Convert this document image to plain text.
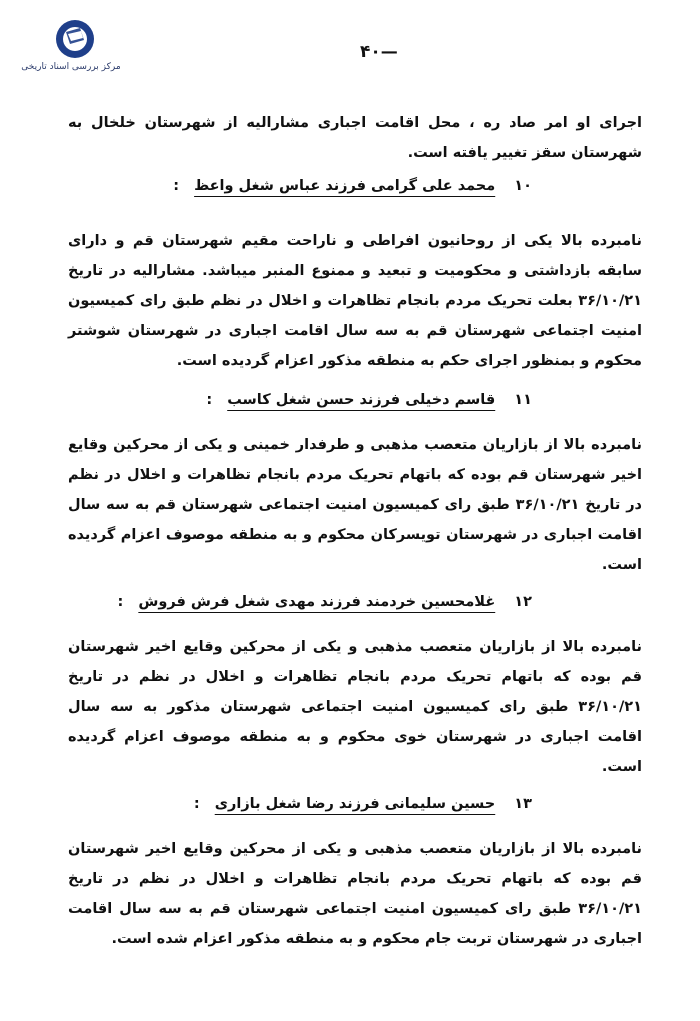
مرکز بررسی اسناد تاریخی
—۴۰

اجرای او امر صاد ره ، محل اقامت اجباری مشارالیه از شهرستان خلخال به شهرستان سقز تغییر یافته است.

۱۰ محمد علی گرامی فرزند عباس شغل واعظ :

نامبرده بالا یکی از روحانیون افراطی و ناراحت مقیم شهرستان قم و دارای سابقه بازداشتی و محکومیت و تبعید و ممنوع المنبر میباشد. مشارالیه در تاریخ ۳۶/۱۰/۲۱ بعلت تحریک مردم بانجام تظاهرات و اخلال در نظم طبق رای کمیسیون امنیت اجتماعی شهرستان قم به سه سال اقامت اجباری در شهرستان شوشتر محکوم و بمنظور اجرای حکم به منطقه مذکور اعزام گردیده است.

۱۱ قاسم دخیلی فرزند حسن شغل کاسب :

نامبرده بالا از بازاریان متعصب مذهبی و طرفدار خمینی و یکی از محرکین وقایع اخیر شهرستان قم بوده که باتهام تحریک مردم بانجام تظاهرات و اخلال در نظم در تاریخ ۳۶/۱۰/۲۱ طبق رای کمیسیون امنیت اجتماعی شهرستان قم به سه سال اقامت اجباری در شهرستان تویسرکان محکوم و به منطقه موصوف اعزام گردیده است.

۱۲ غلامحسین خردمند فرزند مهدی شغل فرش فروش :

نامبرده بالا از بازاریان متعصب مذهبی و یکی از محرکین وقایع اخیر شهرستان قم بوده که باتهام تحریک مردم بانجام تظاهرات و اخلال در نظم در تاریخ ۳۶/۱۰/۲۱ طبق رای کمیسیون امنیت اجتماعی شهرستان مذکور به سه سال اقامت اجباری در شهرستان خوی محکوم و به منطقه موصوف اعزام گردیده است.

۱۳ حسین سلیمانی فرزند رضا شغل بازاری :

نامبرده بالا از بازاریان متعصب مذهبی و یکی از محرکین وقایع اخیر شهرستان قم بوده که باتهام تحریک مردم بانجام تظاهرات و اخلال در نظم در تاریخ ۳۶/۱۰/۲۱ طبق رای کمیسیون امنیت اجتماعی شهرستان قم به سه سال اقامت اجباری در شهرستان تربت جام محکوم و به منطقه مذکور اعزام شده است.
